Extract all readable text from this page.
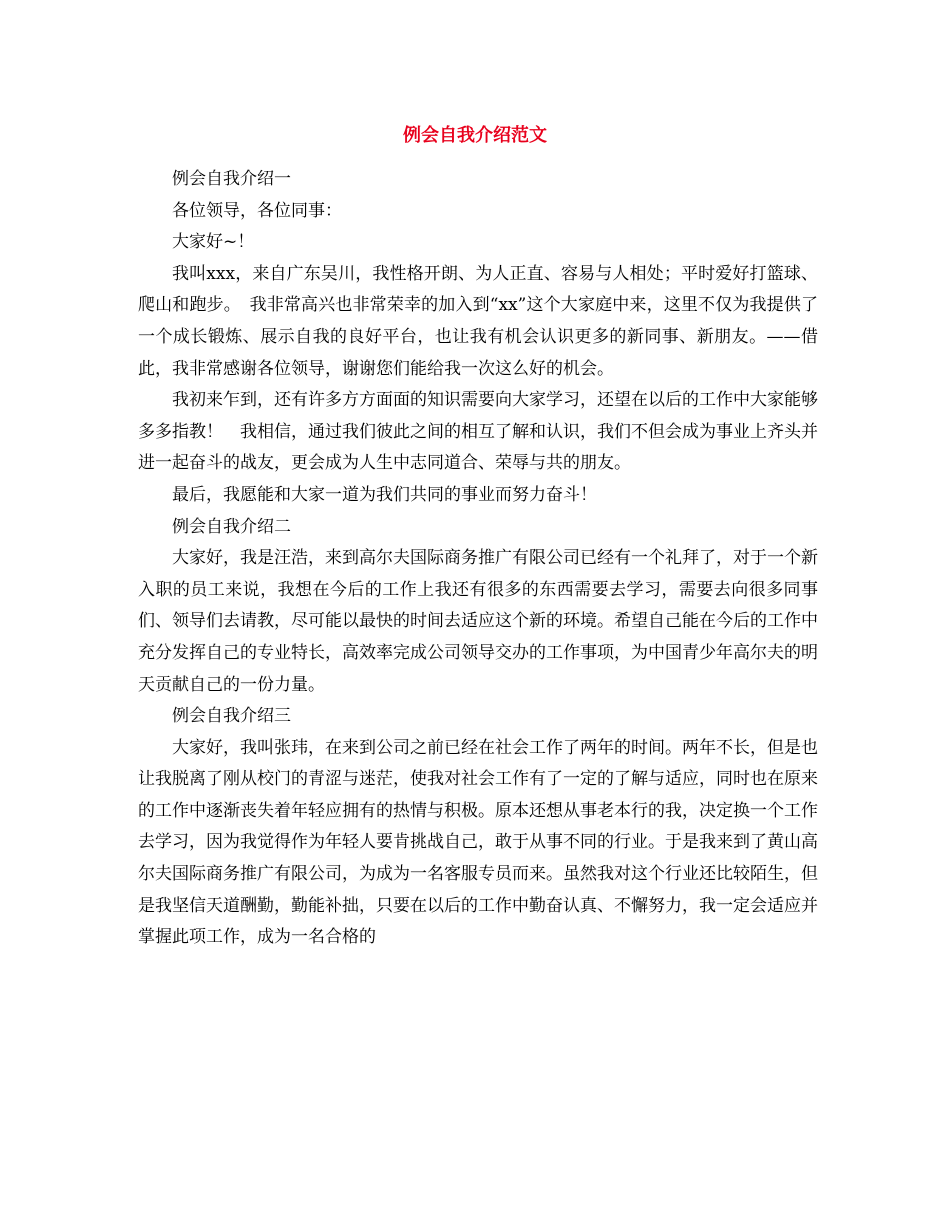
例会自我介绍范文

例会自我介绍一

各位领导，各位同事：

大家好~！

我叫xxx，来自广东吴川，我性格开朗、为人正直、容易与人相处；平时爱好打篮球、爬山和跑步。　我非常高兴也非常荣幸的加入到“xx”这个大家庭中来，这里不仅为我提供了一个成长锻炼、展示自我的良好平台，也让我有机会认识更多的新同事、新朋友。——借此，我非常感谢各位领导，谢谢您们能给我一次这么好的机会。

我初来乍到，还有许多方方面面的知识需要向大家学习，还望在以后的工作中大家能够多多指教！　我相信，通过我们彼此之间的相互了解和认识，我们不但会成为事业上齐头并进一起奋斗的战友，更会成为人生中志同道合、荣辱与共的朋友。

最后，我愿能和大家一道为我们共同的事业而努力奋斗！

例会自我介绍二

大家好，我是汪浩，来到高尔夫国际商务推广有限公司已经有一个礼拜了，对于一个新入职的员工来说，我想在今后的工作上我还有很多的东西需要去学习，需要去向很多同事们、领导们去请教，尽可能以最快的时间去适应这个新的环境。希望自己能在今后的工作中充分发挥自己的专业特长，高效率完成公司领导交办的工作事项，为中国青少年高尔夫的明天贡献自己的一份力量。

例会自我介绍三

大家好，我叫张玮，在来到公司之前已经在社会工作了两年的时间。两年不长，但是也让我脱离了刚从校门的青涩与迷茫，使我对社会工作有了一定的了解与适应，同时也在原来的工作中逐渐丧失着年轻应拥有的热情与积极。原本还想从事老本行的我，决定换一个工作去学习，因为我觉得作为年轻人要肯挑战自己，敢于从事不同的行业。于是我来到了黄山高尔夫国际商务推广有限公司，为成为一名客服专员而来。虽然我对这个行业还比较陌生，但是我坚信天道酬勤，勤能补拙，只要在以后的工作中勤奋认真、不懈努力，我一定会适应并掌握此项工作，成为一名合格的
